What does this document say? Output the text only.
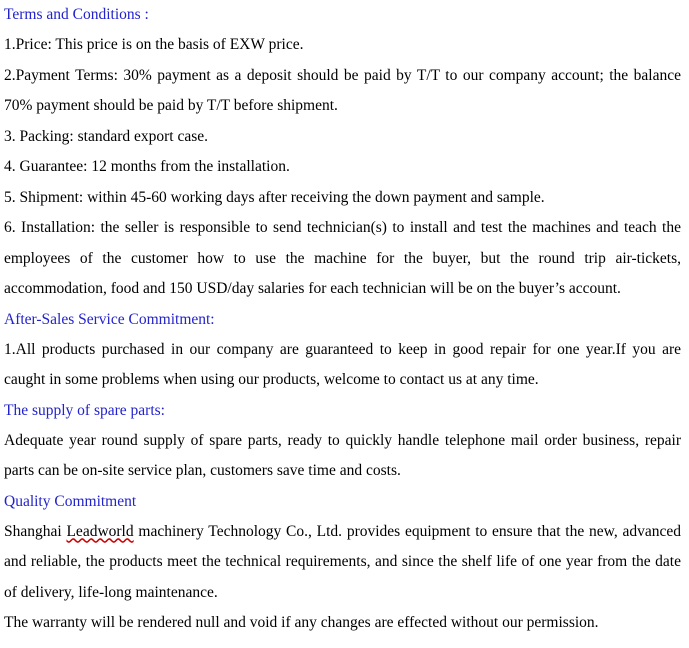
Terms and Conditions :

1.Price: This price is on the basis of EXW price.

2.Payment Terms: 30% payment as a deposit should be paid by T/T to our company account; the balance 70% payment should be paid by T/T before shipment.

3. Packing: standard export case.

4. Guarantee: 12 months from the installation.

5. Shipment: within 45-60 working days after receiving the down payment and sample.

6. Installation: the seller is responsible to send technician(s) to install and test the machines and teach the employees of the customer how to use the machine for the buyer, but the round trip air-tickets, accommodation, food and 150 USD/day salaries for each technician will be on the buyer’s account.

After-Sales Service Commitment:

1.All products purchased in our company are guaranteed to keep in good repair for one year.If you are caught in some problems when using our products, welcome to contact us at any time.

The supply of spare parts:

Adequate year round supply of spare parts, ready to quickly handle telephone mail order business, repair parts can be on-site service plan, customers save time and costs.

Quality Commitment

Shanghai Leadworld machinery Technology Co., Ltd. provides equipment to ensure that the new, advanced and reliable, the products meet the technical requirements, and since the shelf life of one year from the date of delivery, life-long maintenance.

The warranty will be rendered null and void if any changes are effected without our permission.
